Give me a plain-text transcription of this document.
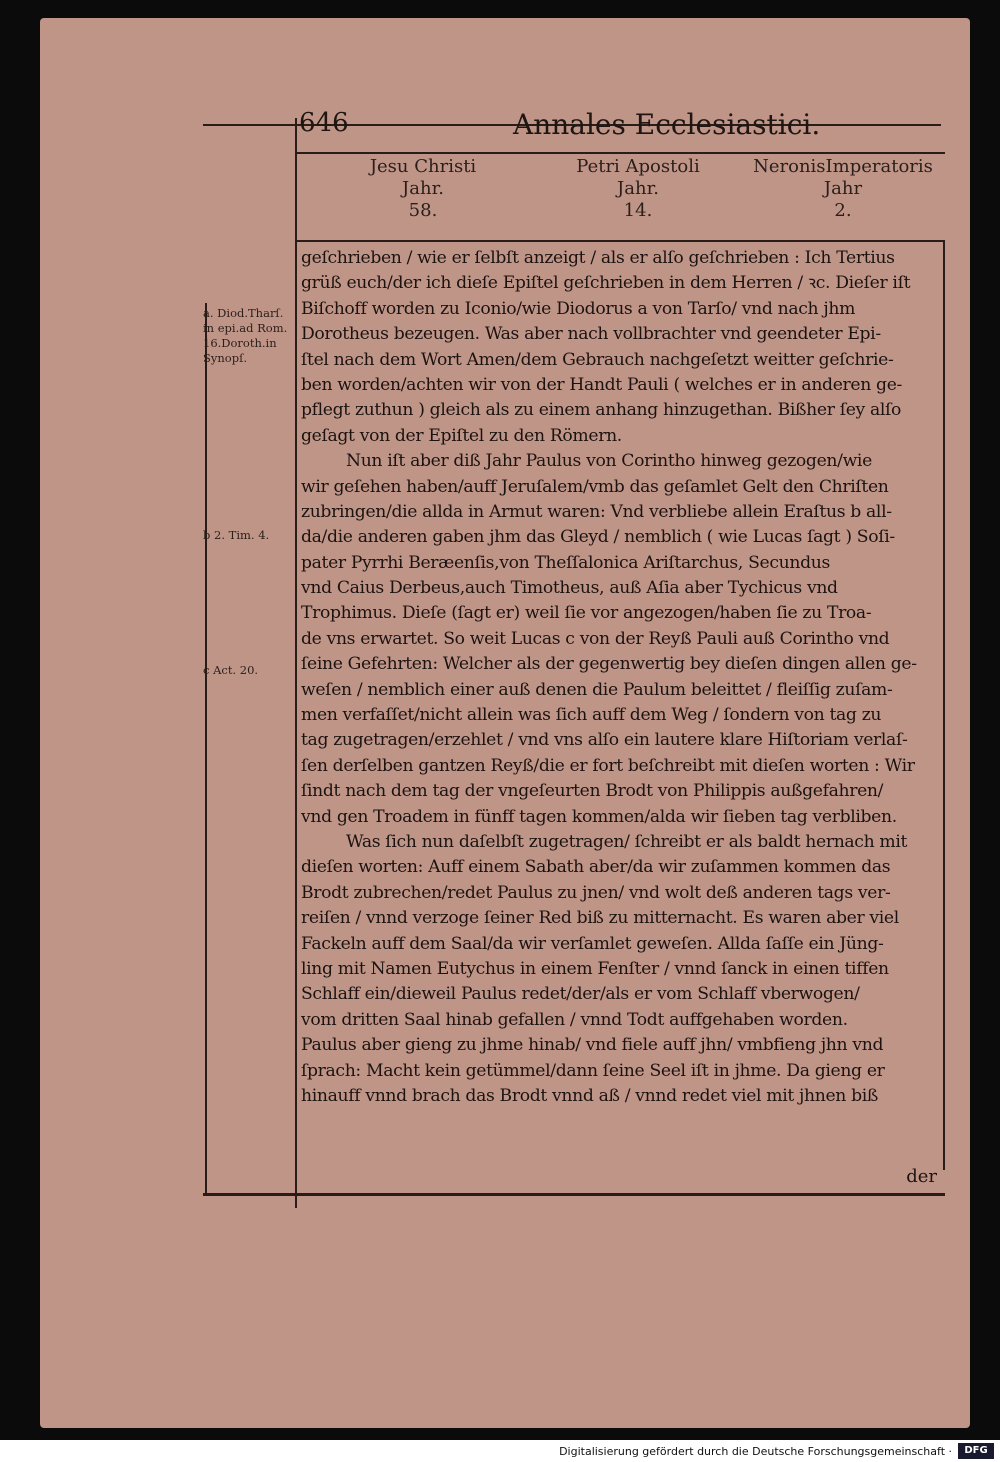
646	Annales Ecclesiastici.
Jesu Christi
Jahr.
58.
Petri Apostoli
Jahr.
14.
NeronisImperatoris
Jahr
2.
a. Diod.Tharſ.
in epi.ad Rom.
16.Doroth.in
Synopſ.
b 2. Tim. 4.
c Act. 20.
geſchrieben / wie er ſelbſt anzeigt / als er alſo geſchrieben : Ich Tertius
grüß euch/der ich dieſe Epiſtel geſchrieben in dem Herren / ꝛc. Dieſer iſt
Biſchoff worden zu Iconio/wie Diodorus a von Tarſo/ vnd nach jhm
Dorotheus bezeugen. Was aber nach vollbrachter vnd geendeter Epi-
ſtel nach dem Wort Amen/dem Gebrauch nachgeſetzt weitter geſchrie-
ben worden/achten wir von der Handt Pauli ( welches er in anderen ge-
pflegt zuthun ) gleich als zu einem anhang hinzugethan. Bißher ſey alſo
geſagt von der Epiſtel zu den Römern.
Nun iſt aber diß Jahr Paulus von Corintho hinweg gezogen/wie
wir geſehen haben/auff Jeruſalem/vmb das geſamlet Gelt den Chriſten
zubringen/die allda in Armut waren: Vnd verbliebe allein Eraſtus b all-
da/die anderen gaben jhm das Gleyd / nemblich ( wie Lucas ſagt ) Soſi-
pater Pyrrhi Beræenſis,von Theſſalonica Ariſtarchus, Secundus
vnd Caius Derbeus,auch Timotheus, auß Aſia aber Tychicus vnd
Trophimus. Dieſe (ſagt er) weil ſie vor angezogen/haben ſie zu Troa-
de vns erwartet. So weit Lucas c von der Reyß Pauli auß Corintho vnd
ſeine Gefehrten: Welcher als der gegenwertig bey dieſen dingen allen ge-
weſen / nemblich einer auß denen die Paulum beleittet / fleiſſig zuſam-
men verfaſſet/nicht allein was ſich auff dem Weg / ſondern von tag zu
tag zugetragen/erzehlet / vnd vns alſo ein lautere klare Hiſtoriam verlaſ-
ſen derſelben gantzen Reyß/die er fort beſchreibt mit dieſen worten : Wir
ſindt nach dem tag der vngeſeurten Brodt von Philippis außgefahren/
vnd gen Troadem in fünff tagen kommen/alda wir ſieben tag verbliben.
Was ſich nun daſelbſt zugetragen/ ſchreibt er als baldt hernach mit
dieſen worten: Auff einem Sabath aber/da wir zuſammen kommen das
Brodt zubrechen/redet Paulus zu jnen/ vnd wolt deß anderen tags ver-
reiſen / vnnd verzoge ſeiner Red biß zu mitternacht. Es waren aber viel
Fackeln auff dem Saal/da wir verſamlet geweſen. Allda ſaſſe ein Jüng-
ling mit Namen Eutychus in einem Fenſter / vnnd ſanck in einen tiffen
Schlaff ein/dieweil Paulus redet/der/als er vom Schlaff vberwogen/
vom dritten Saal hinab gefallen / vnnd Todt auffgehaben worden.
Paulus aber gieng zu jhme hinab/ vnd fiele auff jhn/ vmbfieng jhn vnd
ſprach: Macht kein getümmel/dann ſeine Seel iſt in jhme. Da gieng er
hinauff vnnd brach das Brodt vnnd aß / vnnd redet viel mit jhnen biß
der
Digitalisierung gefördert durch die Deutsche Forschungsgemeinschaft ·	DFG
